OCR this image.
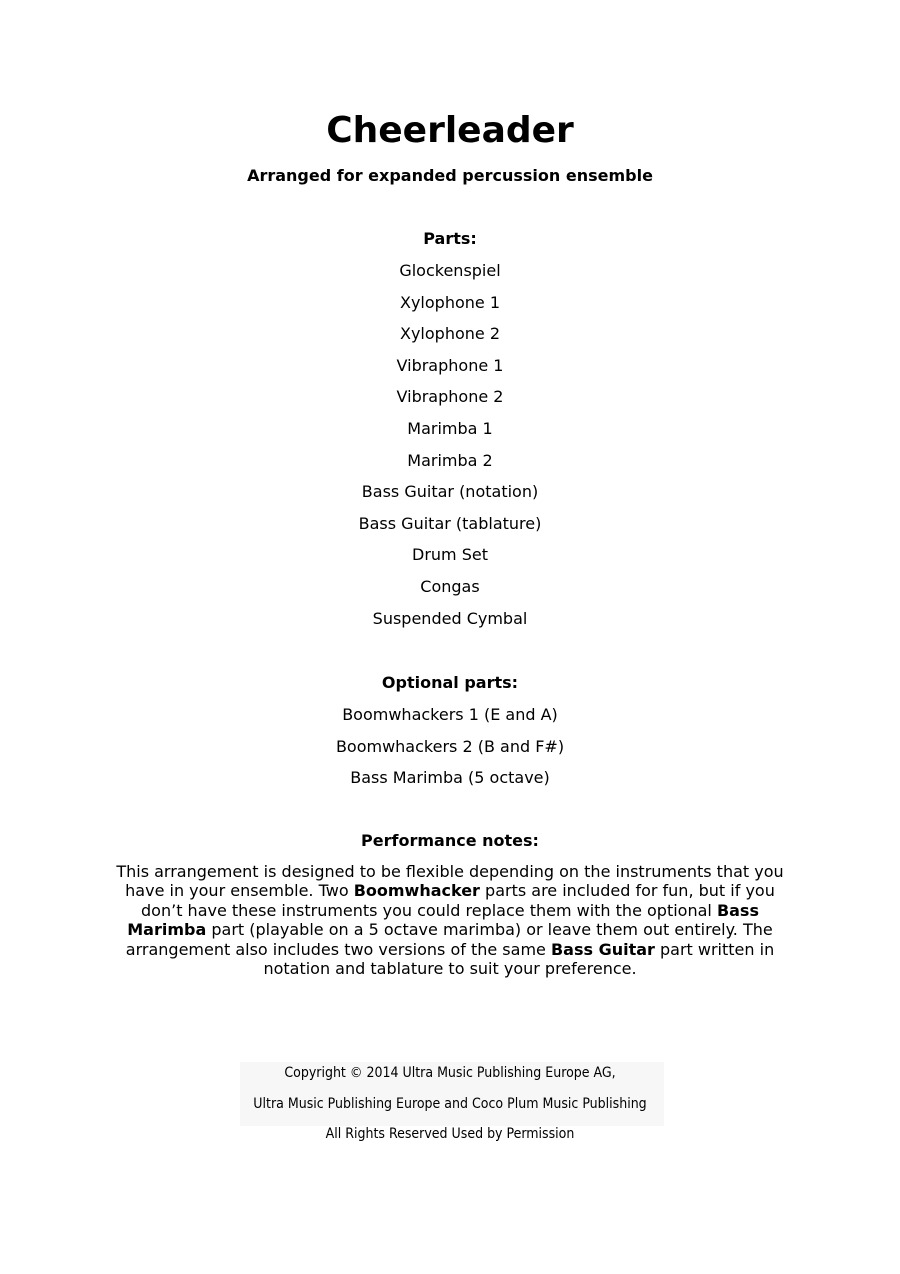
Cheerleader
Arranged for expanded percussion ensemble
Parts:
Glockenspiel
Xylophone 1
Xylophone 2
Vibraphone 1
Vibraphone 2
Marimba 1
Marimba 2
Bass Guitar (notation)
Bass Guitar (tablature)
Drum Set
Congas
Suspended Cymbal
Optional parts:
Boomwhackers 1 (E and A)
Boomwhackers 2 (B and F#)
Bass Marimba (5 octave)
Performance notes:

This arrangement is designed to be flexible depending on the instruments that you have in your ensemble. Two Boomwhacker parts are included for fun, but if you don’t have these instruments you could replace them with the optional Bass Marimba part (playable on a 5 octave marimba) or leave them out entirely. The arrangement also includes two versions of the same Bass Guitar part written in notation and tablature to suit your preference.

Copyright © 2014 Ultra Music Publishing Europe AG,
Ultra Music Publishing Europe and Coco Plum Music Publishing
All Rights Reserved Used by Permission
